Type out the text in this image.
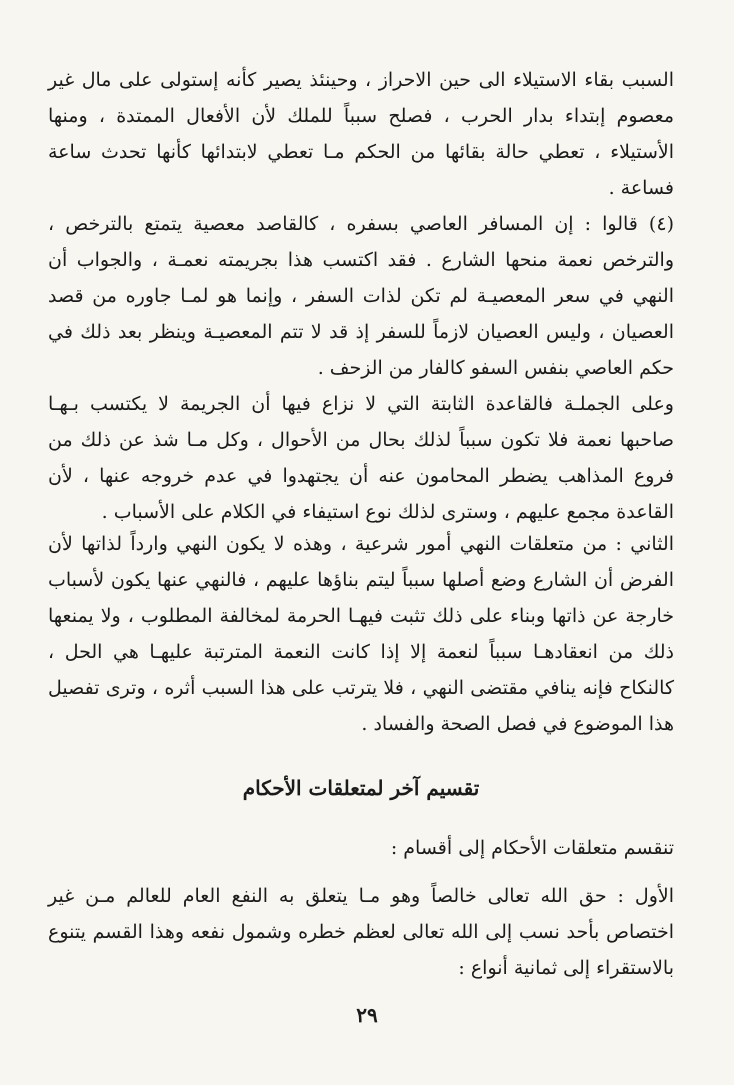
السبب بقاء الاستيلاء الى حين الاحراز ، وحينئذ يصير كأنه إستولى على مال غير معصوم إبتداء بدار الحرب ، فصلح سبباً للملك لأن الأفعال الممتدة ، ومنها الأستيلاء ، تعطي حالة بقائها من الحكم مـا تعطي لابتدائها كأنها تحدث ساعة فساعة .

(٤) قالوا : إن المسافر العاصي بسفره ، كالقاصد معصية يتمتع بالترخص ، والترخص نعمة منحها الشارع . فقد اكتسب هذا بجريمته نعمـة ، والجواب أن النهي في سعر المعصيـة لم تكن لذات السفر ، وإنما هو لمـا جاوره من قصد العصيان ، وليس العصيان لازماً للسفر إذ قد لا تتم المعصيـة وينظر بعد ذلك في حكم العاصي بنفس السفو كالفار من الزحف .

وعلى الجملـة فالقاعدة الثابتة التي لا نزاع فيها أن الجريمة لا يكتسب بـهـا صاحبها نعمة فلا تكون سبباً لذلك بحال من الأحوال ، وكل مـا شذ عن ذلك من فروع المذاهب يضطر المحامون عنه أن يجتهدوا في عدم خروجه عنها ، لأن القاعدة مجمع عليهم ، وسترى لذلك نوع استيفاء في الكلام على الأسباب .

الثاني : من متعلقات النهي أمور شرعية ، وهذه لا يكون النهي وارداً لذاتها لأن الفرض أن الشارع وضع أصلها سبباً ليتم بناؤها عليهم ، فالنهي عنها يكون لأسباب خارجة عن ذاتها وبناء على ذلك تثبت فيهـا الحرمة لمخالفة المطلوب ، ولا يمنعها ذلك من انعقادهـا سبباً لنعمة إلا إذا كانت النعمة المترتبة عليهـا هي الحل ، كالنكاح فإنه ينافي مقتضى النهي ، فلا يترتب على هذا السبب أثره ، وترى تفصيل هذا الموضوع في فصل الصحة والفساد .

تقسيم آخر لمتعلقات الأحكام

تنقسم متعلقات الأحكام إلى أقسام :

الأول : حق الله تعالى خالصاً وهو مـا يتعلق به النفع العام للعالم مـن غير اختصاص بأحد نسب إلى الله تعالى لعظم خطره وشمول نفعه وهذا القسم يتنوع بالاستقراء إلى ثمانية أنواع :

٢٩
